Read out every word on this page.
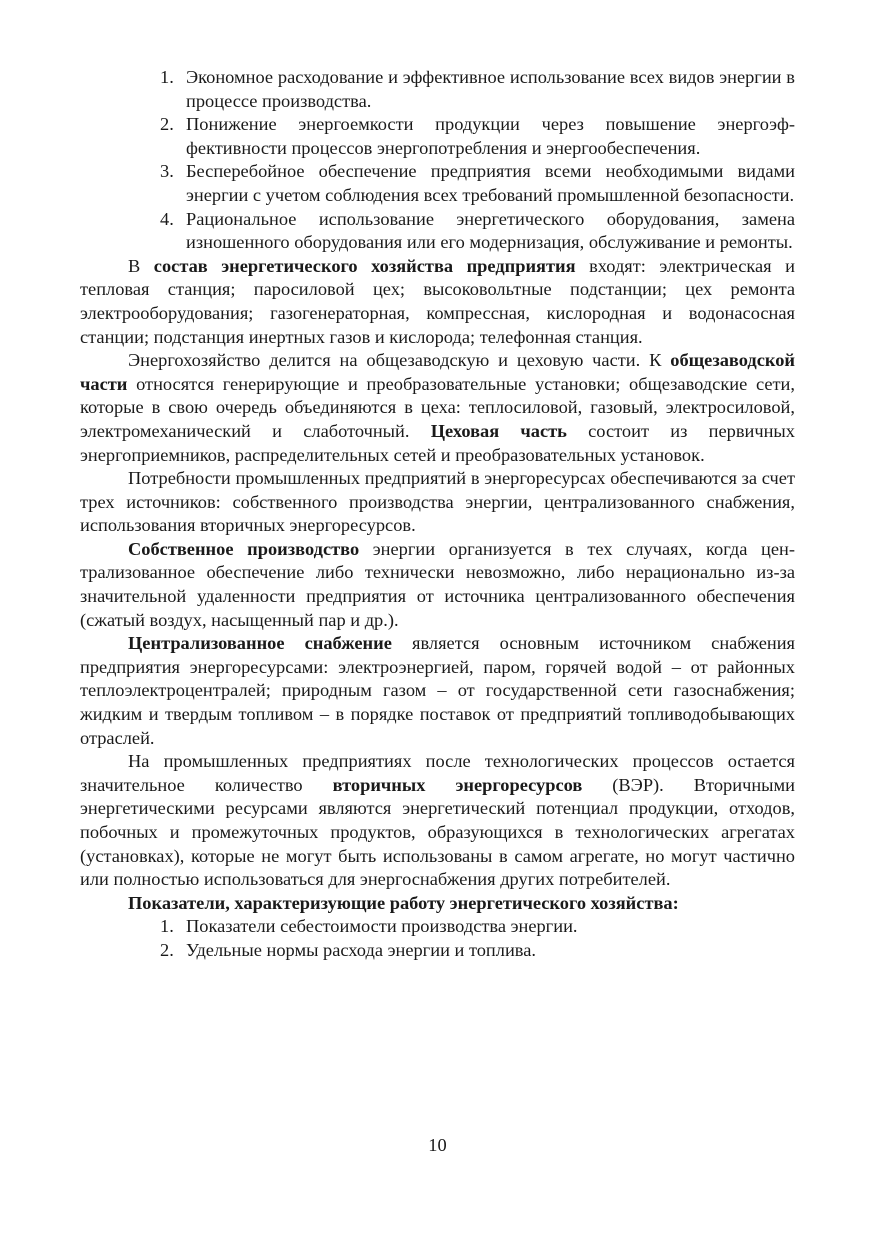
1. Экономное расходование и эффективное использование всех видов энергии в процессе производства.
2. Понижение энергоемкости продукции через повышение энергоэффективности процессов энергопотребления и энергообеспечения.
3. Бесперебойное обеспечение предприятия всеми необходимыми видами энергии с учетом соблюдения всех требований промышленной безопасности.
4. Рациональное использование энергетического оборудования, замена изношенного оборудования или его модернизация, обслуживание и ремонты.

В состав энергетического хозяйства предприятия входят: электрическая и тепловая станция; паросиловой цех; высоковольтные подстанции; цех ремонта электрооборудования; газогенераторная, компрессная, кислородная и водонасосная станции; подстанция инертных газов и кислорода; телефонная станция.

Энергохозяйство делится на общезаводскую и цеховую части. К общезаводской части относятся генерирующие и преобразовательные установки; общезаводские сети, которые в свою очередь объединяются в цеха: теплосиловой, газовый, электросиловой, электромеханический и слаботочный. Цеховая часть состоит из первичных энергоприемников, распределительных сетей и преобразовательных установок.

Потребности промышленных предприятий в энергоресурсах обеспечиваются за счет трех источников: собственного производства энергии, централизованного снабжения, использования вторичных энергоресурсов.

Собственное производство энергии организуется в тех случаях, когда централизованное обеспечение либо технически невозможно, либо нерационально из-за значительной удаленности предприятия от источника централизованного обеспечения (сжатый воздух, насыщенный пар и др.).

Централизованное снабжение является основным источником снабжения предприятия энергоресурсами: электроэнергией, паром, горячей водой – от районных теплоэлектроцентралей; природным газом – от государственной сети газоснабжения; жидким и твердым топливом – в порядке поставок от предприятий топливодобывающих отраслей.

На промышленных предприятиях после технологических процессов остается значительное количество вторичных энергоресурсов (ВЭР). Вторичными энергетическими ресурсами являются энергетический потенциал продукции, отходов, побочных и промежуточных продуктов, образующихся в технологических агрегатах (установках), которые не могут быть использованы в самом агрегате, но могут частично или полностью использоваться для энергоснабжения других потребителей.

Показатели, характеризующие работу энергетического хозяйства:

1. Показатели себестоимости производства энергии.
2. Удельные нормы расхода энергии и топлива.
10
